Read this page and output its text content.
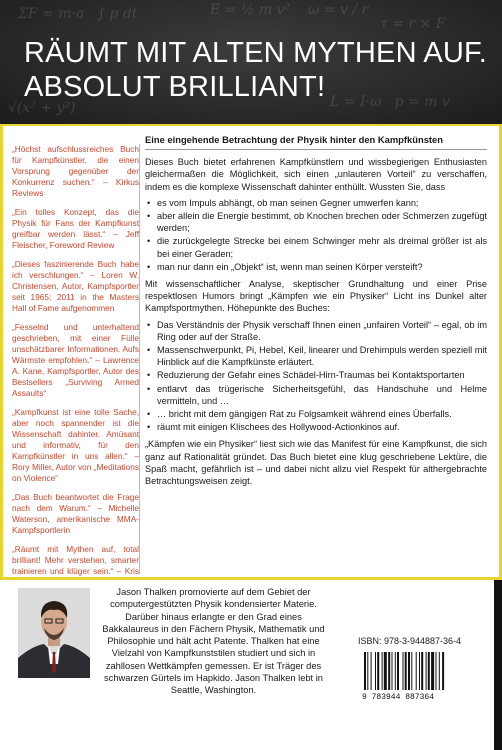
ΣF = m·a   ∫ p dt	E = ½ m v²    ω = v / r
τ = r × F
L = I·ω   p = m v
√(x² + y²)
RÄUMT MIT ALTEN MYTHEN AUF.
ABSOLUT BRILLIANT!

„Höchst aufschlussreiches Buch für Kampfkünstler, die einen Vorsprung gegenüber der Konkurrenz suchen.“ – Kirkus Reviews

„Ein tolles Konzept, das die Physik für Fans der Kampfkunst greifbar werden lässt.“ – Jeff Fleischer, Foreword Review

„Dieses faszinierende Buch habe ich verschlungen.“ – Loren W. Christensen, Autor, Kampfsportler seit 1965; 2011 in the Masters Hall of Fame aufgenommen

„Fesselnd und unterhaltend geschrieben, mit einer Fülle unschätzbarer Informationen. Aufs Wärmste empfohlen.“ – Lawrence A. Kane, Kampfsportler, Autor des Bestsellers „Surviving Armed Assaults“

„Kampfkunst ist eine tolle Sache, aber noch spannender ist die Wissenschaft dahinter. Amüsant und informativ, für den Kampfkünstler in uns allen.“ – Rory Miller, Autor von „Meditations on Violence“

„Das Buch beantwortet die Frage nach dem Warum.“ – Michelle Waterson, amerikanische MMA-Kampfsportlerin

„Räumt mit Mythen auf, total brilliant! Mehr verstehen, smarter trainieren und klüger sein.“ – Kris

Eine eingehende Betrachtung der Physik hinter den Kampfkünsten

Dieses Buch bietet erfahrenen Kampfkünstlern und wissbegierigen Enthusiasten gleichermaßen die Möglichkeit, sich einen „unlauteren Vorteil“ zu verschaffen, indem es die komplexe Wissenschaft dahinter enthüllt. Wussten Sie, dass

• es vom Impuls abhängt, ob man seinen Gegner umwerfen kann;
• aber allein die Energie bestimmt, ob Knochen brechen oder Schmerzen zugefügt werden;
• die zurückgelegte Strecke bei einem Schwinger mehr als dreimal größer ist als bei einer Geraden;
• man nur dann ein „Objekt“ ist, wenn man seinen Körper versteift?

Mit wissenschaftlicher Analyse, skeptischer Grundhaltung und einer Prise respektlosen Humors bringt „Kämpfen wie ein Physiker“ Licht ins Dunkel alter Kampfsportmythen. Höhepunkte des Buches:

• Das Verständnis der Physik verschaff Ihnen einen „unfairen Vorteil“ – egal, ob im Ring oder auf der Straße.
• Massenschwerpunkt, Pi, Hebel, Keil, linearer und Drehimpuls werden speziell mit Hinblick auf die Kampfkünste erläutert.
• Reduzierung der Gefahr eines Schädel-Hirn-Traumas bei Kontaktsportarten
• entlarvt das trügerische Sicherheitsgefühl, das Handschuhe und Helme vermitteln, und …
• … bricht mit dem gängigen Rat zu Folgsamkeit während eines Überfalls.
• räumt mit einigen Klischees des Hollywood-Actionkinos auf.

„Kämpfen wie ein Physiker“ liest sich wie das Manifest für eine Kampfkunst, die sich ganz auf Rationalität gründet. Das Buch bietet eine klug geschriebene Lektüre, die Spaß macht, gefährlich ist – und dabei nicht allzu viel Respekt für althergebrachte Betrachtungsweisen zeigt.

Jason Thalken promovierte auf dem Gebiet der computergestützten Physik kondensierter Materie. Darüber hinaus erlangte er den Grad eines Bakkalaureus in den Fächern Physik, Mathematik und Philosophie und hält acht Patente. Thalken hat eine Vielzahl von Kampfkunststilen studiert und sich in zahllosen Wettkämpfen gemessen. Er ist Träger des schwarzen Gürtels im Hapkido. Jason Thalken lebt in Seattle, Washington.
ISBN: 978-3-944887-36-4
9 783944 887364
